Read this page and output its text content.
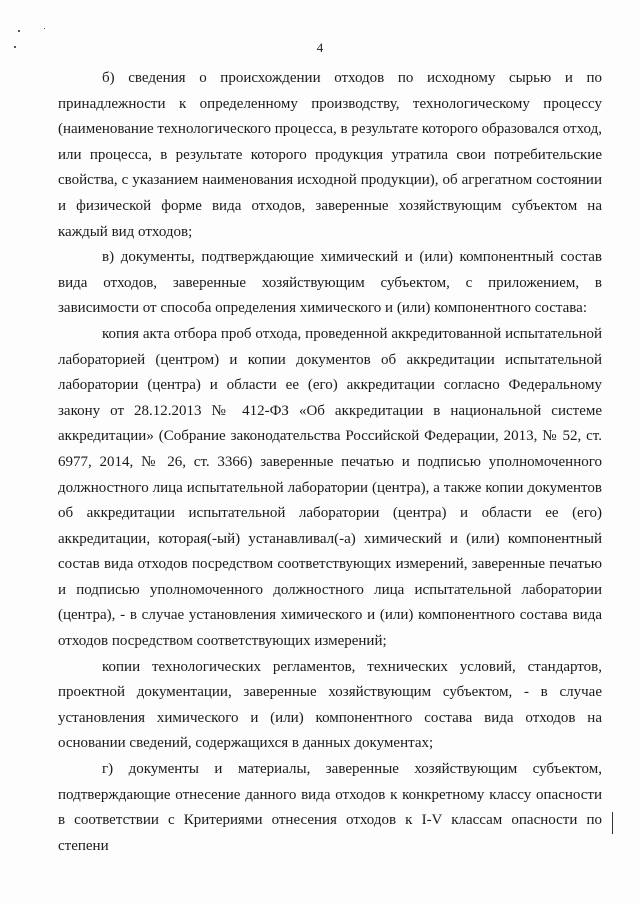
4

б) сведения о происхождении отходов по исходному сырью и по принадлежности к определенному производству, технологическому процессу (наименование технологического процесса, в результате которого образовался отход, или процесса, в результате которого продукция утратила свои потребительские свойства, с указанием наименования исходной продукции), об агрегатном состоянии и физической форме вида отходов, заверенные хозяйствующим субъектом на каждый вид отходов;

в) документы, подтверждающие химический и (или) компонентный состав вида отходов, заверенные хозяйствующим субъектом, с приложением, в зависимости от способа определения химического и (или) компонентного состава:

копия акта отбора проб отхода, проведенной аккредитованной испытательной лабораторией (центром) и копии документов об аккредитации испытательной лаборатории (центра) и области ее (его) аккредитации согласно Федеральному закону от 28.12.2013 № 412-ФЗ «Об аккредитации в национальной системе аккредитации» (Собрание законодательства Российской Федерации, 2013, № 52, ст. 6977, 2014, № 26, ст. 3366) заверенные печатью и подписью уполномоченного должностного лица испытательной лаборатории (центра), а также копии документов об аккредитации испытательной лаборатории (центра) и области ее (его) аккредитации, которая(-ый) устанавливал(-а) химический и (или) компонентный состав вида отходов посредством соответствующих измерений, заверенные печатью и подписью уполномоченного должностного лица испытательной лаборатории (центра), - в случае установления химического и (или) компонентного состава вида отходов посредством соответствующих измерений;

копии технологических регламентов, технических условий, стандартов, проектной документации, заверенные хозяйствующим субъектом, - в случае установления химического и (или) компонентного состава вида отходов на основании сведений, содержащихся в данных документах;

г) документы и материалы, заверенные хозяйствующим субъектом, подтверждающие отнесение данного вида отходов к конкретному классу опасности в соответствии с Критериями отнесения отходов к I-V классам опасности по степени
